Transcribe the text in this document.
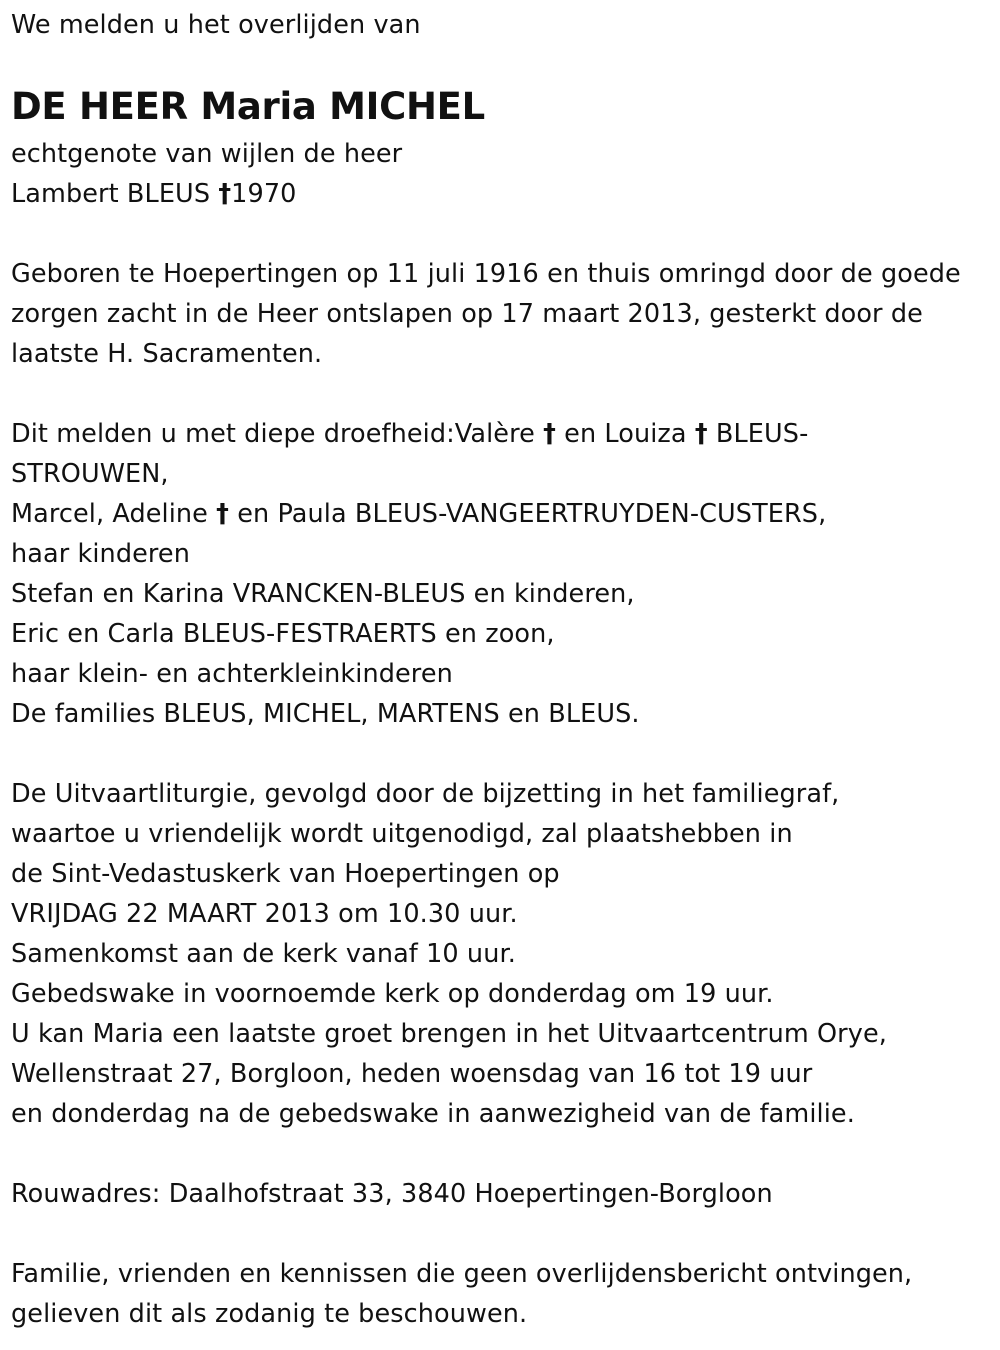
We melden u het overlijden van
DE HEER Maria MICHEL
echtgenote van wijlen de heer
Lambert BLEUS †1970
Geboren te Hoepertingen op 11 juli 1916 en thuis omringd door de goede
zorgen zacht in de Heer ontslapen op 17 maart 2013, gesterkt door de
laatste H. Sacramenten.
Dit melden u met diepe droefheid:Valère † en Louiza † BLEUS-
STROUWEN,
Marcel, Adeline † en Paula BLEUS-VANGEERTRUYDEN-CUSTERS,
haar kinderen
Stefan en Karina VRANCKEN-BLEUS en kinderen,
Eric en Carla BLEUS-FESTRAERTS en zoon,
haar klein- en achterkleinkinderen
De families BLEUS, MICHEL, MARTENS en BLEUS.
De Uitvaartliturgie, gevolgd door de bijzetting in het familiegraf,
waartoe u vriendelijk wordt uitgenodigd, zal plaatshebben in
de Sint-Vedastuskerk van Hoepertingen op
VRIJDAG 22 MAART 2013 om 10.30 uur.
Samenkomst aan de kerk vanaf 10 uur.
Gebedswake in voornoemde kerk op donderdag om 19 uur.
U kan Maria een laatste groet brengen in het Uitvaartcentrum Orye,
Wellenstraat 27, Borgloon, heden woensdag van 16 tot 19 uur
en donderdag na de gebedswake in aanwezigheid van de familie.
Rouwadres: Daalhofstraat 33, 3840 Hoepertingen-Borgloon
Familie, vrienden en kennissen die geen overlijdensbericht ontvingen,
gelieven dit als zodanig te beschouwen.
